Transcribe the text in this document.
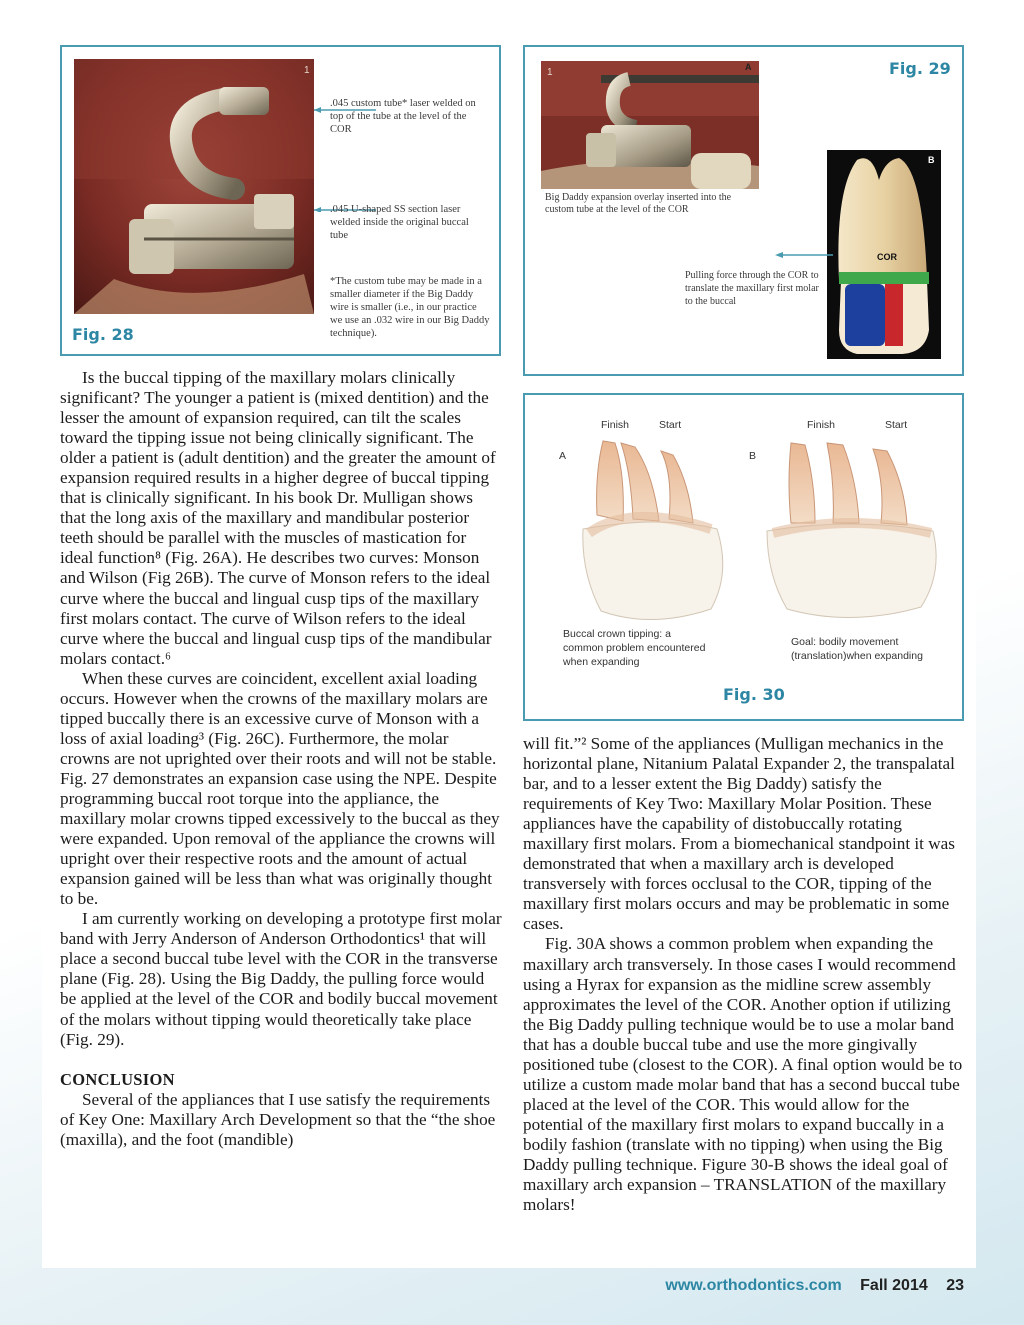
1
.045 custom tube* laser welded on top of the tube at the level of the COR
.045 U-shaped SS section laser welded inside the original buccal tube
*The custom tube may be made in a smaller diameter if the Big Daddy wire is smaller (i.e., in our practice we use an .032 wire in our Big Daddy technique).
Fig. 28
1	A
Big Daddy expansion overlay inserted into the custom tube at the level of the COR
B
COR
Pulling force through the COR to translate the maxillary first molar to the buccal
Fig. 29
Finish	Start
A
Finish	Start
B
Buccal crown tipping: a common problem encountered when expanding
Goal: bodily movement (translation)when expanding
Fig. 30

Is the buccal tipping of the maxillary molars clinically significant? The younger a patient is (mixed dentition) and the lesser the amount of expansion required, can tilt the scales toward the tipping issue not being clinically significant. The older a patient is (adult dentition) and the greater the amount of expansion required results in a higher degree of buccal tipping that is clinically significant. In his book Dr. Mulligan shows that the long axis of the maxillary and mandibular posterior teeth should be parallel with the muscles of mastication for ideal function⁸ (Fig. 26A). He describes two curves: Monson and Wilson (Fig 26B). The curve of Monson refers to the ideal curve where the buccal and lingual cusp tips of the maxillary first molars contact. The curve of Wilson refers to the ideal curve where the buccal and lingual cusp tips of the mandibular molars contact.⁶

When these curves are coincident, excellent axial loading occurs. However when the crowns of the maxillary molars are tipped buccally there is an excessive curve of Monson with a loss of axial loading³ (Fig. 26C). Furthermore, the molar crowns are not uprighted over their roots and will not be stable. Fig. 27 demonstrates an expansion case using the NPE. Despite programming buccal root torque into the appliance, the maxillary molar crowns tipped excessively to the buccal as they were expanded. Upon removal of the appliance the crowns will upright over their respective roots and the amount of actual expansion gained will be less than what was originally thought to be.

I am currently working on developing a prototype first molar band with Jerry Anderson of Anderson Orthodontics¹ that will place a second buccal tube level with the COR in the transverse plane (Fig. 28). Using the Big Daddy, the pulling force would be applied at the level of the COR and bodily buccal movement of the molars without tipping would theoretically take place (Fig. 29).

CONCLUSION

Several of the appliances that I use satisfy the requirements of Key One: Maxillary Arch Development so that the “the shoe (maxilla), and the foot (mandible)

will fit.”² Some of the appliances (Mulligan mechanics in the horizontal plane, Nitanium Palatal Expander 2, the transpalatal bar, and to a lesser extent the Big Daddy) satisfy the requirements of Key Two: Maxillary Molar Position. These appliances have the capability of distobuccally rotating maxillary first molars. From a biomechanical standpoint it was demonstrated that when a maxillary arch is developed transversely with forces occlusal to the COR, tipping of the maxillary first molars occurs and may be problematic in some cases.

Fig. 30A shows a common problem when expanding the maxillary arch transversely. In those cases I would recommend using a Hyrax for expansion as the midline screw assembly approximates the level of the COR. Another option if utilizing the Big Daddy pulling technique would be to use a molar band that has a double buccal tube and use the more gingivally positioned tube (closest to the COR). A final option would be to utilize a custom made molar band that has a second buccal tube placed at the level of the COR. This would allow for the potential of the maxillary first molars to expand buccally in a bodily fashion (translate with no tipping) when using the Big Daddy pulling technique. Figure 30-B shows the ideal goal of maxillary arch expansion – TRANSLATION of the maxillary molars!

www.orthodontics.com Fall 2014 23
